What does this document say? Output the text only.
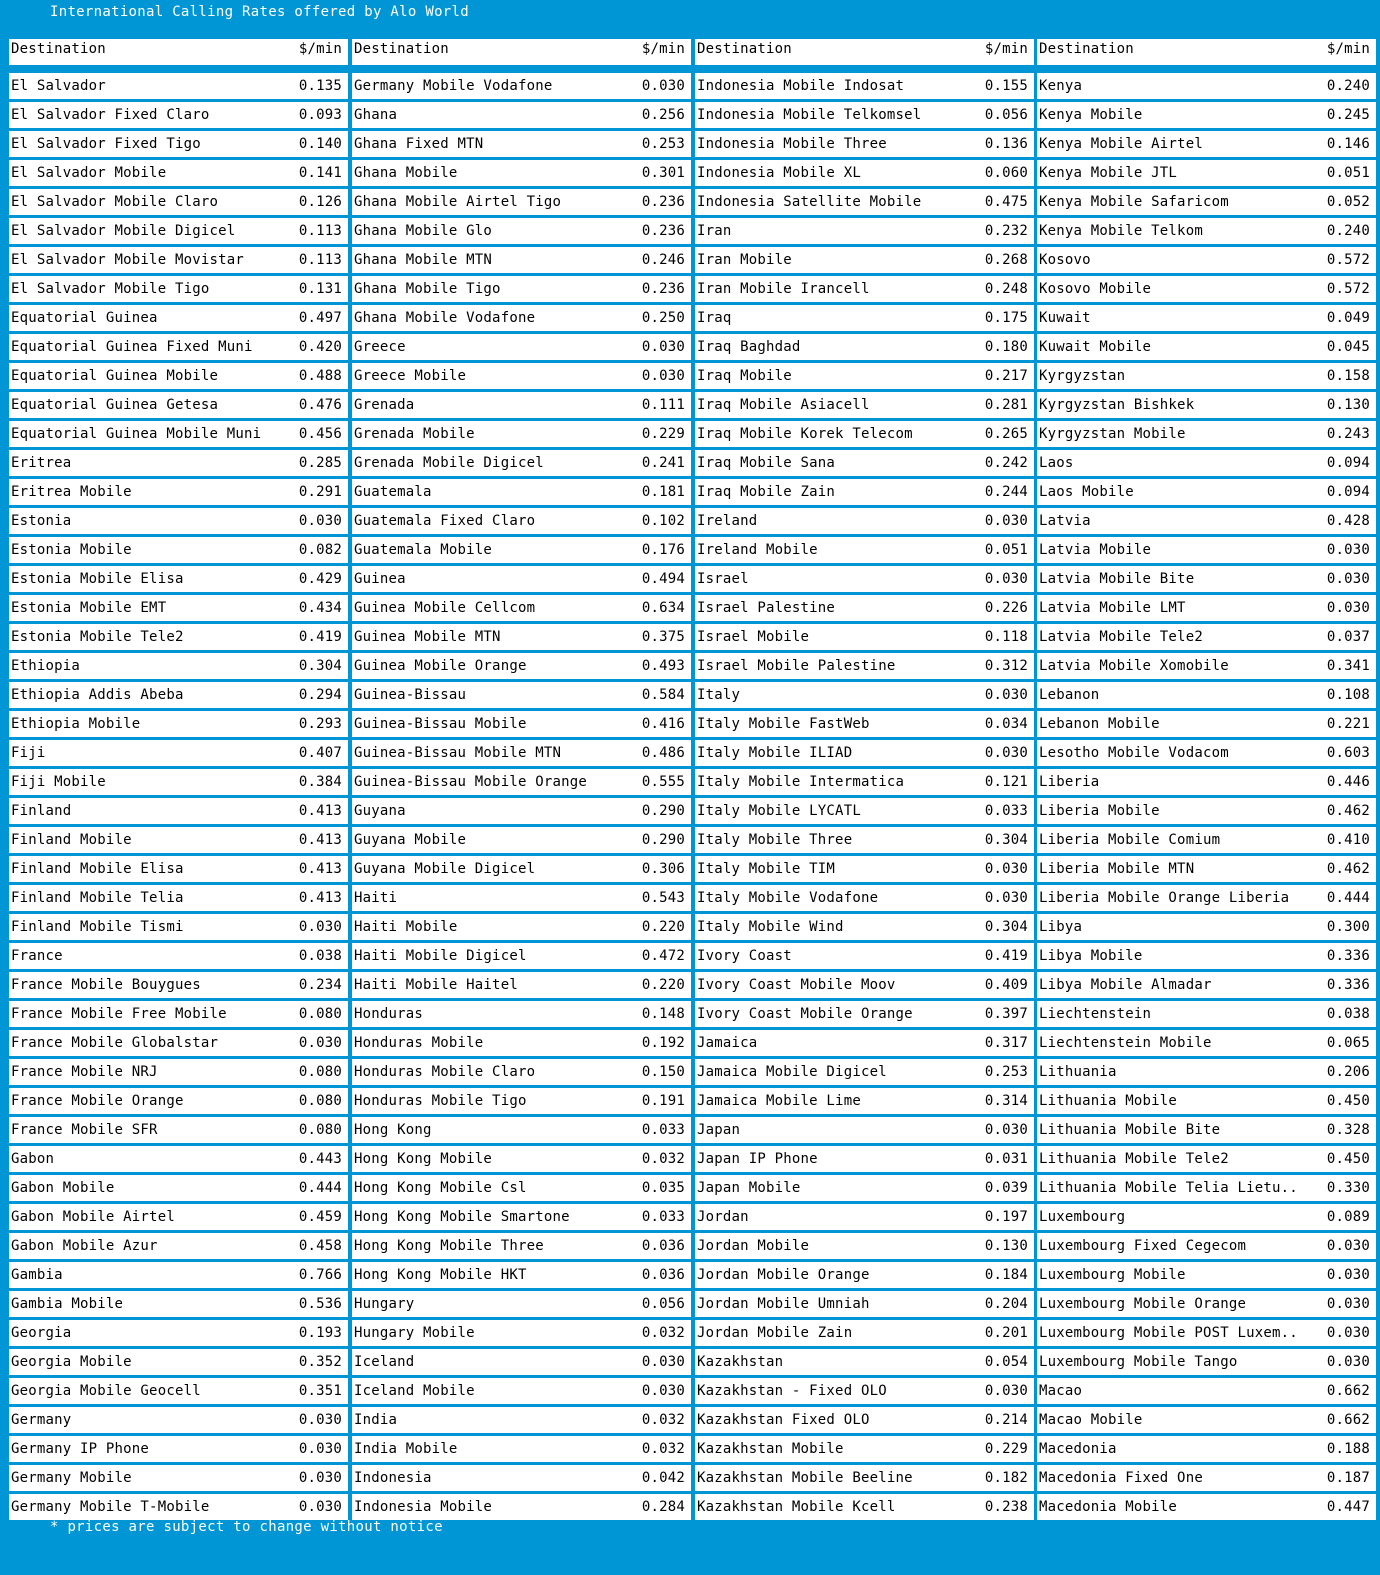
International Calling Rates offered by Alo World
Destination	$/min
El Salvador	0.135
El Salvador Fixed Claro	0.093
El Salvador Fixed Tigo	0.140
El Salvador Mobile	0.141
El Salvador Mobile Claro	0.126
El Salvador Mobile Digicel	0.113
El Salvador Mobile Movistar	0.113
El Salvador Mobile Tigo	0.131
Equatorial Guinea	0.497
Equatorial Guinea Fixed Muni	0.420
Equatorial Guinea Mobile	0.488
Equatorial Guinea Getesa	0.476
Equatorial Guinea Mobile Muni	0.456
Eritrea	0.285
Eritrea Mobile	0.291
Estonia	0.030
Estonia Mobile	0.082
Estonia Mobile Elisa	0.429
Estonia Mobile EMT	0.434
Estonia Mobile Tele2	0.419
Ethiopia	0.304
Ethiopia Addis Abeba	0.294
Ethiopia Mobile	0.293
Fiji	0.407
Fiji Mobile	0.384
Finland	0.413
Finland Mobile	0.413
Finland Mobile Elisa	0.413
Finland Mobile Telia	0.413
Finland Mobile Tismi	0.030
France	0.038
France Mobile Bouygues	0.234
France Mobile Free Mobile	0.080
France Mobile Globalstar	0.030
France Mobile NRJ	0.080
France Mobile Orange	0.080
France Mobile SFR	0.080
Gabon	0.443
Gabon Mobile	0.444
Gabon Mobile Airtel	0.459
Gabon Mobile Azur	0.458
Gambia	0.766
Gambia Mobile	0.536
Georgia	0.193
Georgia Mobile	0.352
Georgia Mobile Geocell	0.351
Germany	0.030
Germany IP Phone	0.030
Germany Mobile	0.030
Germany Mobile T-Mobile	0.030
Destination	$/min
Germany Mobile Vodafone	0.030
Ghana	0.256
Ghana Fixed MTN	0.253
Ghana Mobile	0.301
Ghana Mobile Airtel Tigo	0.236
Ghana Mobile Glo	0.236
Ghana Mobile MTN	0.246
Ghana Mobile Tigo	0.236
Ghana Mobile Vodafone	0.250
Greece	0.030
Greece Mobile	0.030
Grenada	0.111
Grenada Mobile	0.229
Grenada Mobile Digicel	0.241
Guatemala	0.181
Guatemala Fixed Claro	0.102
Guatemala Mobile	0.176
Guinea	0.494
Guinea Mobile Cellcom	0.634
Guinea Mobile MTN	0.375
Guinea Mobile Orange	0.493
Guinea-Bissau	0.584
Guinea-Bissau Mobile	0.416
Guinea-Bissau Mobile MTN	0.486
Guinea-Bissau Mobile Orange	0.555
Guyana	0.290
Guyana Mobile	0.290
Guyana Mobile Digicel	0.306
Haiti	0.543
Haiti Mobile	0.220
Haiti Mobile Digicel	0.472
Haiti Mobile Haitel	0.220
Honduras	0.148
Honduras Mobile	0.192
Honduras Mobile Claro	0.150
Honduras Mobile Tigo	0.191
Hong Kong	0.033
Hong Kong Mobile	0.032
Hong Kong Mobile Csl	0.035
Hong Kong Mobile Smartone	0.033
Hong Kong Mobile Three	0.036
Hong Kong Mobile HKT	0.036
Hungary	0.056
Hungary Mobile	0.032
Iceland	0.030
Iceland Mobile	0.030
India	0.032
India Mobile	0.032
Indonesia	0.042
Indonesia Mobile	0.284
Destination	$/min
Indonesia Mobile Indosat	0.155
Indonesia Mobile Telkomsel	0.056
Indonesia Mobile Three	0.136
Indonesia Mobile XL	0.060
Indonesia Satellite Mobile	0.475
Iran	0.232
Iran Mobile	0.268
Iran Mobile Irancell	0.248
Iraq	0.175
Iraq Baghdad	0.180
Iraq Mobile	0.217
Iraq Mobile Asiacell	0.281
Iraq Mobile Korek Telecom	0.265
Iraq Mobile Sana	0.242
Iraq Mobile Zain	0.244
Ireland	0.030
Ireland Mobile	0.051
Israel	0.030
Israel Palestine	0.226
Israel Mobile	0.118
Israel Mobile Palestine	0.312
Italy	0.030
Italy Mobile FastWeb	0.034
Italy Mobile ILIAD	0.030
Italy Mobile Intermatica	0.121
Italy Mobile LYCATL	0.033
Italy Mobile Three	0.304
Italy Mobile TIM	0.030
Italy Mobile Vodafone	0.030
Italy Mobile Wind	0.304
Ivory Coast	0.419
Ivory Coast Mobile Moov	0.409
Ivory Coast Mobile Orange	0.397
Jamaica	0.317
Jamaica Mobile Digicel	0.253
Jamaica Mobile Lime	0.314
Japan	0.030
Japan IP Phone	0.031
Japan Mobile	0.039
Jordan	0.197
Jordan Mobile	0.130
Jordan Mobile Orange	0.184
Jordan Mobile Umniah	0.204
Jordan Mobile Zain	0.201
Kazakhstan	0.054
Kazakhstan - Fixed OLO	0.030
Kazakhstan Fixed OLO	0.214
Kazakhstan Mobile	0.229
Kazakhstan Mobile Beeline	0.182
Kazakhstan Mobile Kcell	0.238
Destination	$/min
Kenya	0.240
Kenya Mobile	0.245
Kenya Mobile Airtel	0.146
Kenya Mobile JTL	0.051
Kenya Mobile Safaricom	0.052
Kenya Mobile Telkom	0.240
Kosovo	0.572
Kosovo Mobile	0.572
Kuwait	0.049
Kuwait Mobile	0.045
Kyrgyzstan	0.158
Kyrgyzstan Bishkek	0.130
Kyrgyzstan Mobile	0.243
Laos	0.094
Laos Mobile	0.094
Latvia	0.428
Latvia Mobile	0.030
Latvia Mobile Bite	0.030
Latvia Mobile LMT	0.030
Latvia Mobile Tele2	0.037
Latvia Mobile Xomobile	0.341
Lebanon	0.108
Lebanon Mobile	0.221
Lesotho Mobile Vodacom	0.603
Liberia	0.446
Liberia Mobile	0.462
Liberia Mobile Comium	0.410
Liberia Mobile MTN	0.462
Liberia Mobile Orange Liberia	0.444
Libya	0.300
Libya Mobile	0.336
Libya Mobile Almadar	0.336
Liechtenstein	0.038
Liechtenstein Mobile	0.065
Lithuania	0.206
Lithuania Mobile	0.450
Lithuania Mobile Bite	0.328
Lithuania Mobile Tele2	0.450
Lithuania Mobile Telia Lietu..	0.330
Luxembourg	0.089
Luxembourg Fixed Cegecom	0.030
Luxembourg Mobile	0.030
Luxembourg Mobile Orange	0.030
Luxembourg Mobile POST Luxem..	0.030
Luxembourg Mobile Tango	0.030
Macao	0.662
Macao Mobile	0.662
Macedonia	0.188
Macedonia Fixed One	0.187
Macedonia Mobile	0.447
* prices are subject to change without notice
